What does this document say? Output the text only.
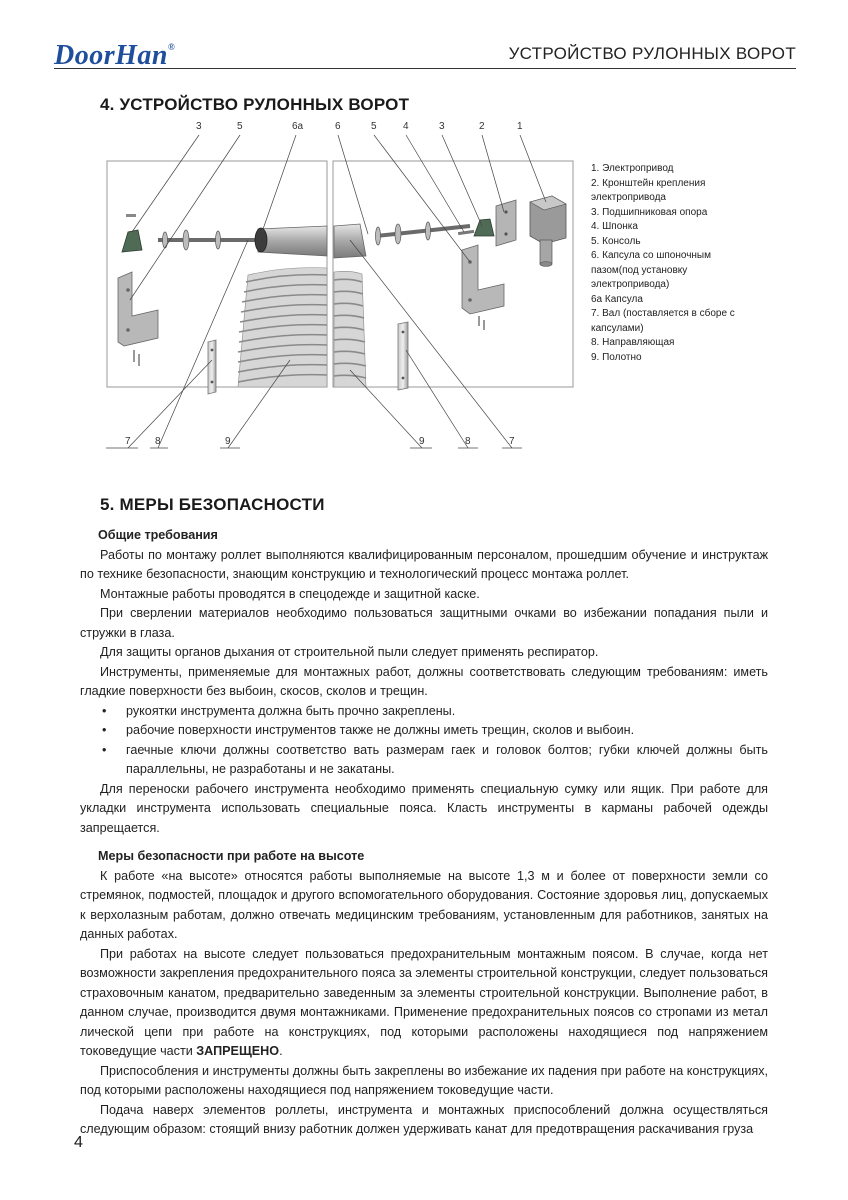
DoorHan®	УСТРОЙСТВО РУЛОННЫХ ВОРОТ
4. УСТРОЙСТВО РУЛОННЫХ ВОРОТ
3	5	6а	6	5	4	3	2	1
7 8	9	9	8	7
1. Электропривод
2. Кронштейн крепления электропривода
3. Подшипниковая опора
4. Шпонка
5. Консоль
6. Капсула со шпоночным пазом(под установку электропривода)
6а Капсула
7. Вал (поставляется в сборе с капсулами)
8. Направляющая
9. Полотно
5. МЕРЫ БЕЗОПАСНОСТИ
Общие требования

Работы по монтажу роллет выполняются квалифицированным персоналом, прошедшим обучение и инструктаж по технике безопасности, знающим конструкцию и технологический процесс монтажа роллет.

Монтажные работы проводятся в спецодежде и защитной каске.

При сверлении материалов необходимо пользоваться защитными очками во избежании попадания пыли и стружки в глаза.

Для защиты органов дыхания от строительной пыли следует применять респиратор.

Инструменты, применяемые для монтажных работ, должны соответствовать следующим требованиям: иметь гладкие поверхности без выбоин, скосов, сколов и трещин.

• рукоятки инструмента должна быть прочно закреплены.
• рабочие поверхности инструментов также не должны иметь трещин, сколов и выбоин.
• гаечные ключи должны соответство вать размерам гаек и головок болтов; губки ключей должны быть параллельны, не разработаны и не закатаны.

Для переноски рабочего инструмента необходимо применять специальную сумку или ящик. При работе для укладки инструмента использовать специальные пояса. Класть инструменты в карманы рабочей одежды запрещается.

Меры безопасности при работе на высоте

К работе «на высоте» относятся работы выполняемые на высоте 1,3 м и более от поверхности земли со стремянок, подмостей, площадок и другого вспомогательного оборудования. Состояние здоровья лиц, допускаемых к верхолазным работам, должно отвечать медицинским требованиям, установленным для работников, занятых на данных работах.

При работах на высоте следует пользоваться предохранительным монтажным поясом. В случае, когда нет возможности закрепления предохранительного пояса за элементы строительной конструкции, следует пользоваться страховочным канатом, предварительно заведенным за элементы строительной конструкции. Выполнение работ, в данном случае, производится двумя монтажниками. Применение предохранительных поясов со стропами из метал лической цепи при работе на конструкциях, под которыми расположены находящиеся под напряжением токоведущие части ЗАПРЕЩЕНО.

Приспособления и инструменты должны быть закреплены во избежание их падения при работе на конструкциях, под которыми расположены находящиеся под напряжением токоведущие части.

Подача наверх элементов роллеты, инструмента и монтажных приспособлений должна осуществляться следующим образом: стоящий внизу работник должен удерживать канат для предотвращения раскачивания груза

4
